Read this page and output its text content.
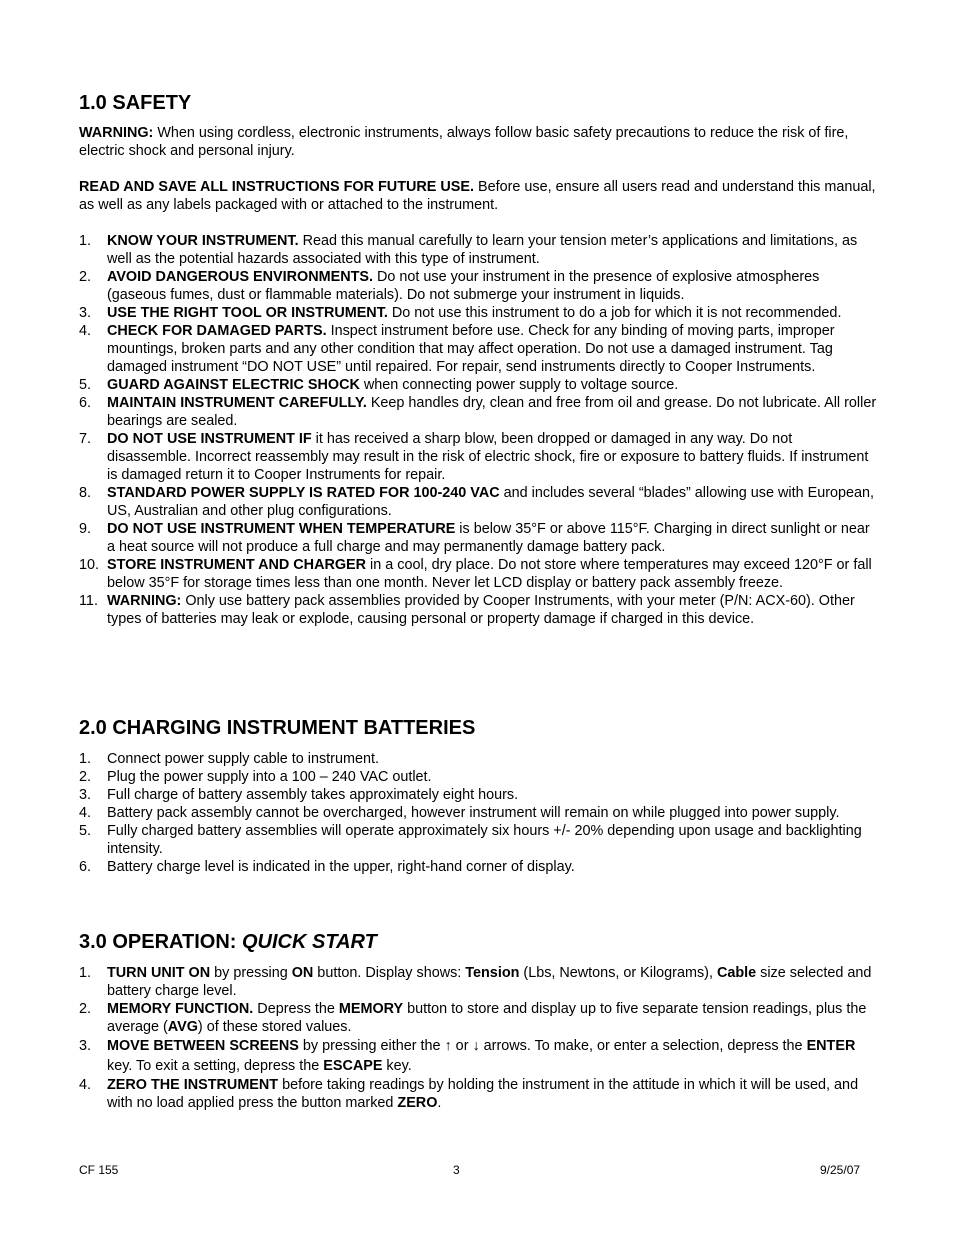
1.0 SAFETY

WARNING: When using cordless, electronic instruments, always follow basic safety precautions to reduce the risk of fire, electric shock and personal injury.

READ AND SAVE ALL INSTRUCTIONS FOR FUTURE USE. Before use, ensure all users read and understand this manual, as well as any labels packaged with or attached to the instrument.

1. KNOW YOUR INSTRUMENT. Read this manual carefully to learn your tension meter’s applications and limitations, as well as the potential hazards associated with this type of instrument.
2. AVOID DANGEROUS ENVIRONMENTS. Do not use your instrument in the presence of explosive atmospheres (gaseous fumes, dust or flammable materials). Do not submerge your instrument in liquids.
3. USE THE RIGHT TOOL OR INSTRUMENT. Do not use this instrument to do a job for which it is not recommended.
4. CHECK FOR DAMAGED PARTS. Inspect instrument before use. Check for any binding of moving parts, improper mountings, broken parts and any other condition that may affect operation. Do not use a damaged instrument. Tag damaged instrument “DO NOT USE” until repaired. For repair, send instruments directly to Cooper Instruments.
5. GUARD AGAINST ELECTRIC SHOCK when connecting power supply to voltage source.
6. MAINTAIN INSTRUMENT CAREFULLY. Keep handles dry, clean and free from oil and grease. Do not lubricate. All roller bearings are sealed.
7. DO NOT USE INSTRUMENT IF it has received a sharp blow, been dropped or damaged in any way. Do not disassemble. Incorrect reassembly may result in the risk of electric shock, fire or exposure to battery fluids. If instrument is damaged return it to Cooper Instruments for repair.
8. STANDARD POWER SUPPLY IS RATED FOR 100-240 VAC and includes several “blades” allowing use with European, US, Australian and other plug configurations.
9. DO NOT USE INSTRUMENT WHEN TEMPERATURE is below 35°F or above 115°F. Charging in direct sunlight or near a heat source will not produce a full charge and may permanently damage battery pack.
10. STORE INSTRUMENT AND CHARGER in a cool, dry place. Do not store where temperatures may exceed 120°F or fall below 35°F for storage times less than one month. Never let LCD display or battery pack assembly freeze.
11. WARNING: Only use battery pack assemblies provided by Cooper Instruments, with your meter (P/N: ACX-60). Other types of batteries may leak or explode, causing personal or property damage if charged in this device.
2.0 CHARGING INSTRUMENT BATTERIES
1. Connect power supply cable to instrument.
2. Plug the power supply into a 100 – 240 VAC outlet.
3. Full charge of battery assembly takes approximately eight hours.
4. Battery pack assembly cannot be overcharged, however instrument will remain on while plugged into power supply.
5. Fully charged battery assemblies will operate approximately six hours +/- 20% depending upon usage and backlighting intensity.
6. Battery charge level is indicated in the upper, right-hand corner of display.
3.0 OPERATION: QUICK START
1. TURN UNIT ON by pressing ON button. Display shows: Tension (Lbs, Newtons, or Kilograms), Cable size selected and battery charge level.
2. MEMORY FUNCTION. Depress the MEMORY button to store and display up to five separate tension readings, plus the average (AVG) of these stored values.
3. MOVE BETWEEN SCREENS by pressing either the ↑ or ↓ arrows. To make, or enter a selection, depress the ENTER key. To exit a setting, depress the ESCAPE key.
4. ZERO THE INSTRUMENT before taking readings by holding the instrument in the attitude in which it will be used, and with no load applied press the button marked ZERO.
CF 155	3	9/25/07
